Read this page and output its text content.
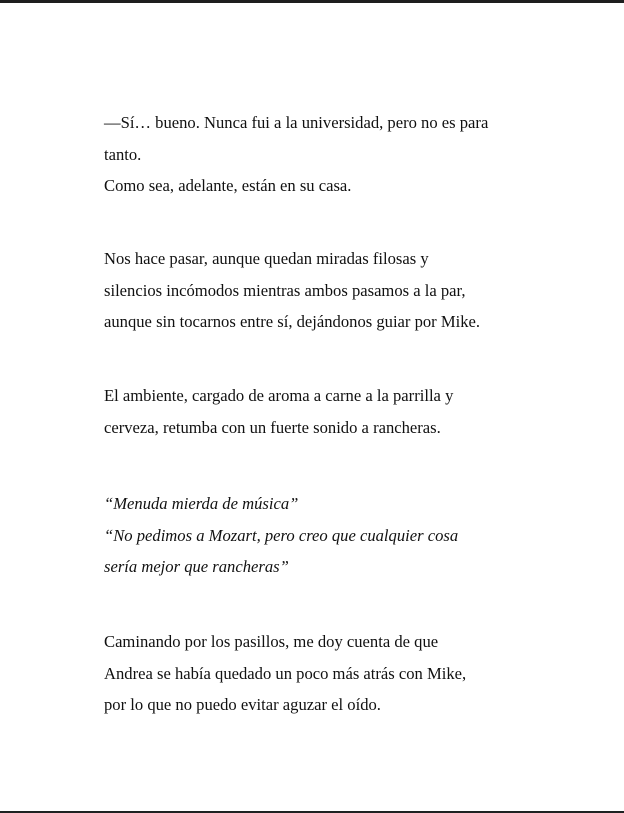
—Sí… bueno. Nunca fui a la universidad, pero no es para
tanto.
Como sea, adelante, están en su casa.
Nos hace pasar, aunque quedan miradas filosas y
silencios incómodos mientras ambos pasamos a la par,
aunque sin tocarnos entre sí, dejándonos guiar por Mike.
El ambiente, cargado de aroma a carne a la parrilla y
cerveza, retumba con un fuerte sonido a rancheras.
“Menuda mierda de música”
“No pedimos a Mozart, pero creo que cualquier cosa
sería mejor que rancheras”
Caminando por los pasillos, me doy cuenta de que
Andrea se había quedado un poco más atrás con Mike,
por lo que no puedo evitar aguzar el oído.
